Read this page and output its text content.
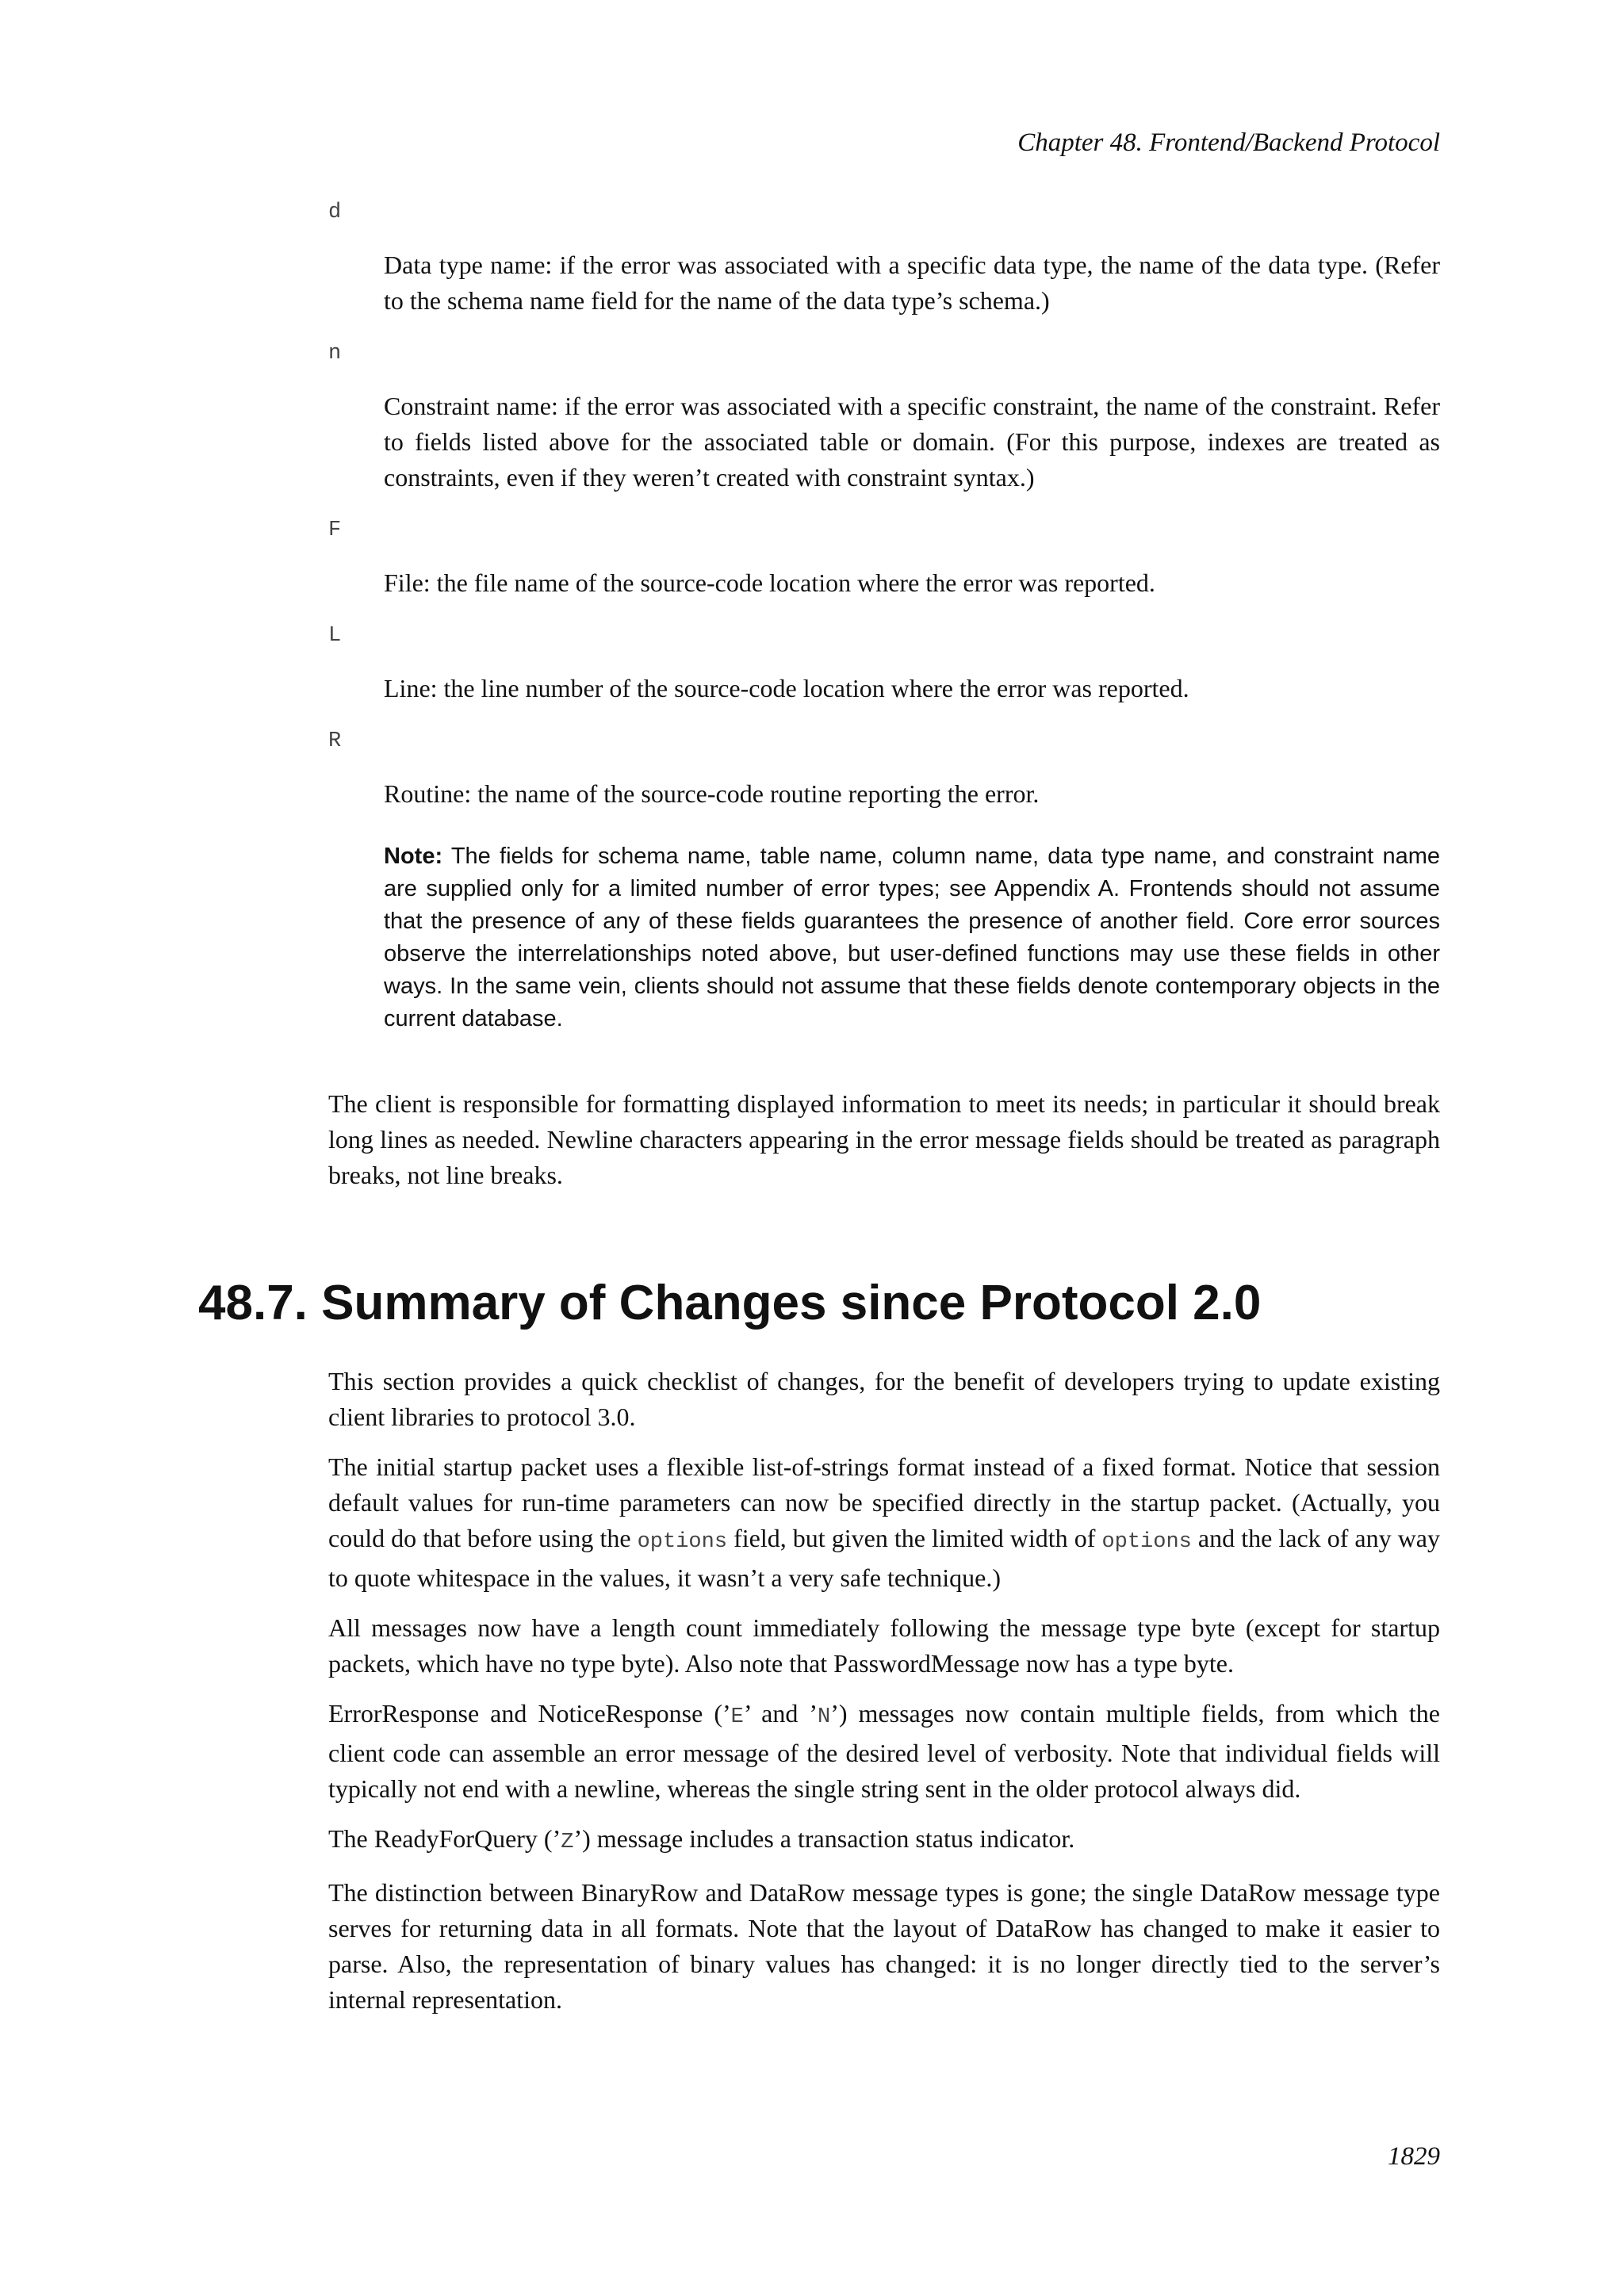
Chapter 48. Frontend/Backend Protocol
d
Data type name: if the error was associated with a specific data type, the name of the data type. (Refer to the schema name field for the name of the data type’s schema.)
n
Constraint name: if the error was associated with a specific constraint, the name of the constraint. Refer to fields listed above for the associated table or domain. (For this purpose, indexes are treated as constraints, even if they weren’t created with constraint syntax.)
F
File: the file name of the source-code location where the error was reported.
L
Line: the line number of the source-code location where the error was reported.
R
Routine: the name of the source-code routine reporting the error.
Note: The fields for schema name, table name, column name, data type name, and constraint name are supplied only for a limited number of error types; see Appendix A. Frontends should not assume that the presence of any of these fields guarantees the presence of another field. Core error sources observe the interrelationships noted above, but user-defined functions may use these fields in other ways. In the same vein, clients should not assume that these fields denote contemporary objects in the current database.

The client is responsible for formatting displayed information to meet its needs; in particular it should break long lines as needed. Newline characters appearing in the error message fields should be treated as paragraph breaks, not line breaks.

48.7. Summary of Changes since Protocol 2.0

This section provides a quick checklist of changes, for the benefit of developers trying to update existing client libraries to protocol 3.0.

The initial startup packet uses a flexible list-of-strings format instead of a fixed format. Notice that session default values for run-time parameters can now be specified directly in the startup packet. (Actually, you could do that before using the options field, but given the limited width of options and the lack of any way to quote whitespace in the values, it wasn’t a very safe technique.)

All messages now have a length count immediately following the message type byte (except for startup packets, which have no type byte). Also note that PasswordMessage now has a type byte.

ErrorResponse and NoticeResponse (’E’ and ’N’) messages now contain multiple fields, from which the client code can assemble an error message of the desired level of verbosity. Note that individual fields will typically not end with a newline, whereas the single string sent in the older protocol always did.

The ReadyForQuery (’Z’) message includes a transaction status indicator.

The distinction between BinaryRow and DataRow message types is gone; the single DataRow message type serves for returning data in all formats. Note that the layout of DataRow has changed to make it easier to parse. Also, the representation of binary values has changed: it is no longer directly tied to the server’s internal representation.

1829
